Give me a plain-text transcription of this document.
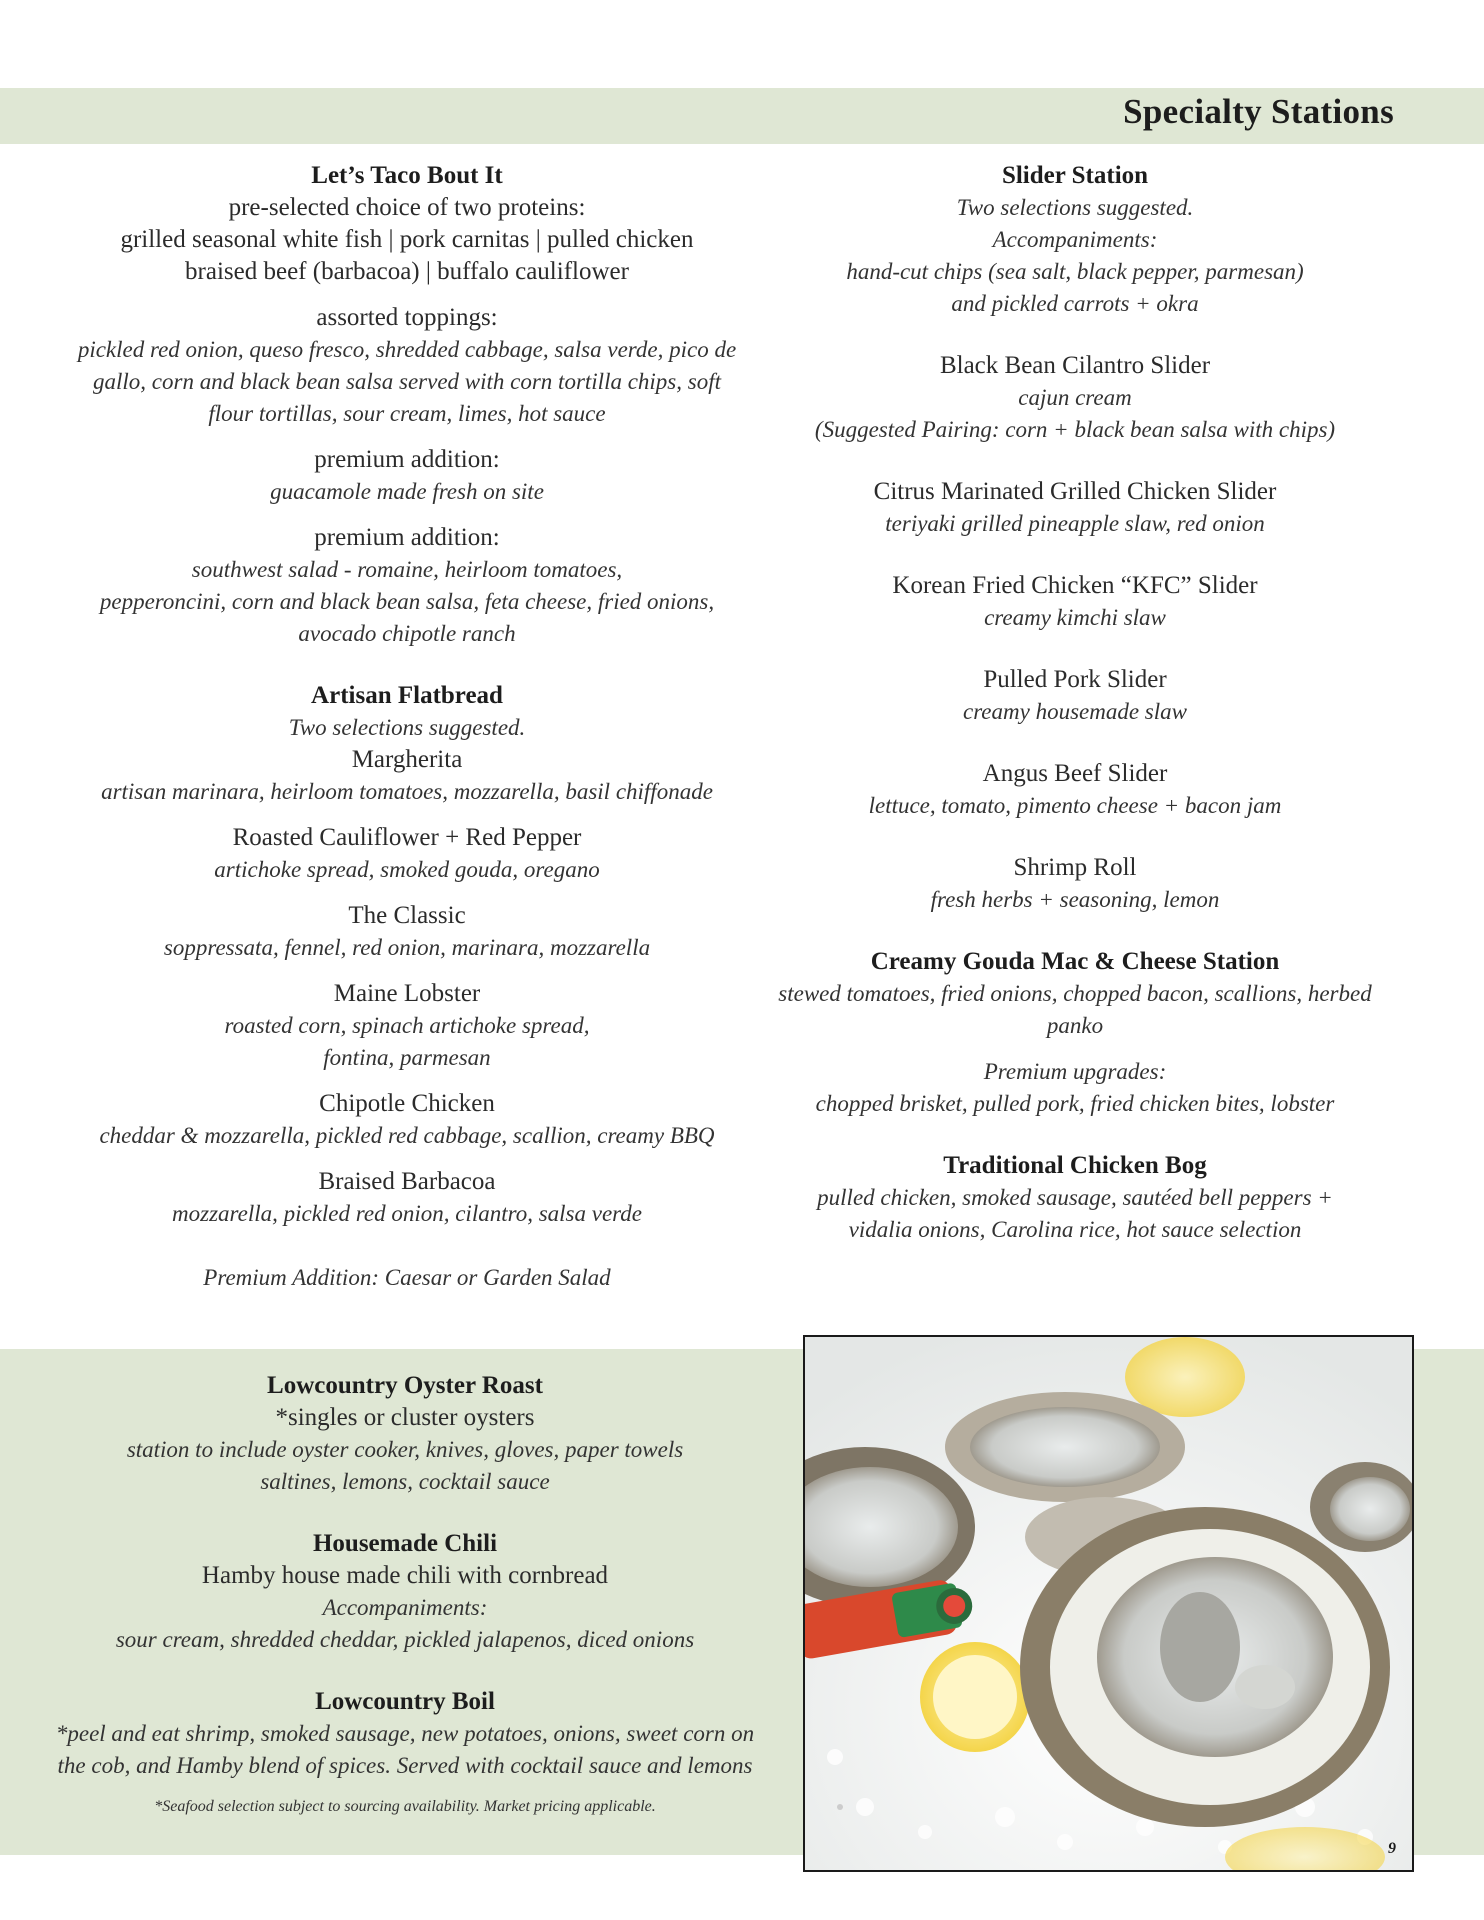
Specialty Stations
Let’s Taco Bout It
pre-selected choice of two proteins:
grilled seasonal white fish | pork carnitas | pulled chicken
braised beef (barbacoa) | buffalo cauliflower
assorted toppings:
pickled red onion, queso fresco, shredded cabbage, salsa verde, pico de
gallo, corn and black bean salsa served with corn tortilla chips, soft
flour tortillas, sour cream, limes, hot sauce
premium addition:
guacamole made fresh on site
premium addition:
southwest salad - romaine, heirloom tomatoes,
pepperoncini, corn and black bean salsa, feta cheese, fried onions,
avocado chipotle ranch
Artisan Flatbread
Two selections suggested.
Margherita
artisan marinara, heirloom tomatoes, mozzarella, basil chiffonade
Roasted Cauliflower + Red Pepper
artichoke spread, smoked gouda, oregano
The Classic
soppressata, fennel, red onion, marinara, mozzarella
Maine Lobster
roasted corn, spinach artichoke spread,
fontina, parmesan
Chipotle Chicken
cheddar & mozzarella, pickled red cabbage, scallion, creamy BBQ
Braised Barbacoa
mozzarella, pickled red onion, cilantro, salsa verde
Premium Addition: Caesar or Garden Salad
Slider Station
Two selections suggested.
Accompaniments:
hand-cut chips (sea salt, black pepper, parmesan)
and pickled carrots + okra
Black Bean Cilantro Slider
cajun cream
(Suggested Pairing: corn + black bean salsa with chips)
Citrus Marinated Grilled Chicken Slider
teriyaki grilled pineapple slaw, red onion
Korean Fried Chicken “KFC” Slider
creamy kimchi slaw
Pulled Pork Slider
creamy housemade slaw
Angus Beef Slider
lettuce, tomato, pimento cheese + bacon jam
Shrimp Roll
fresh herbs + seasoning, lemon
Creamy Gouda Mac & Cheese Station
stewed tomatoes, fried onions, chopped bacon, scallions, herbed panko
Premium upgrades:
chopped brisket, pulled pork, fried chicken bites, lobster
Traditional Chicken Bog
pulled chicken, smoked sausage, sautéed bell peppers +
vidalia onions, Carolina rice, hot sauce selection
Lowcountry Oyster Roast
*singles or cluster oysters
station to include oyster cooker, knives, gloves, paper towels
saltines, lemons, cocktail sauce
Housemade Chili
Hamby house made chili with cornbread
Accompaniments:
sour cream, shredded cheddar, pickled jalapenos, diced onions
Lowcountry Boil
*peel and eat shrimp, smoked sausage, new potatoes, onions, sweet corn on
the cob, and Hamby blend of spices. Served with cocktail sauce and lemons
*Seafood selection subject to sourcing availability. Market pricing applicable.
9
